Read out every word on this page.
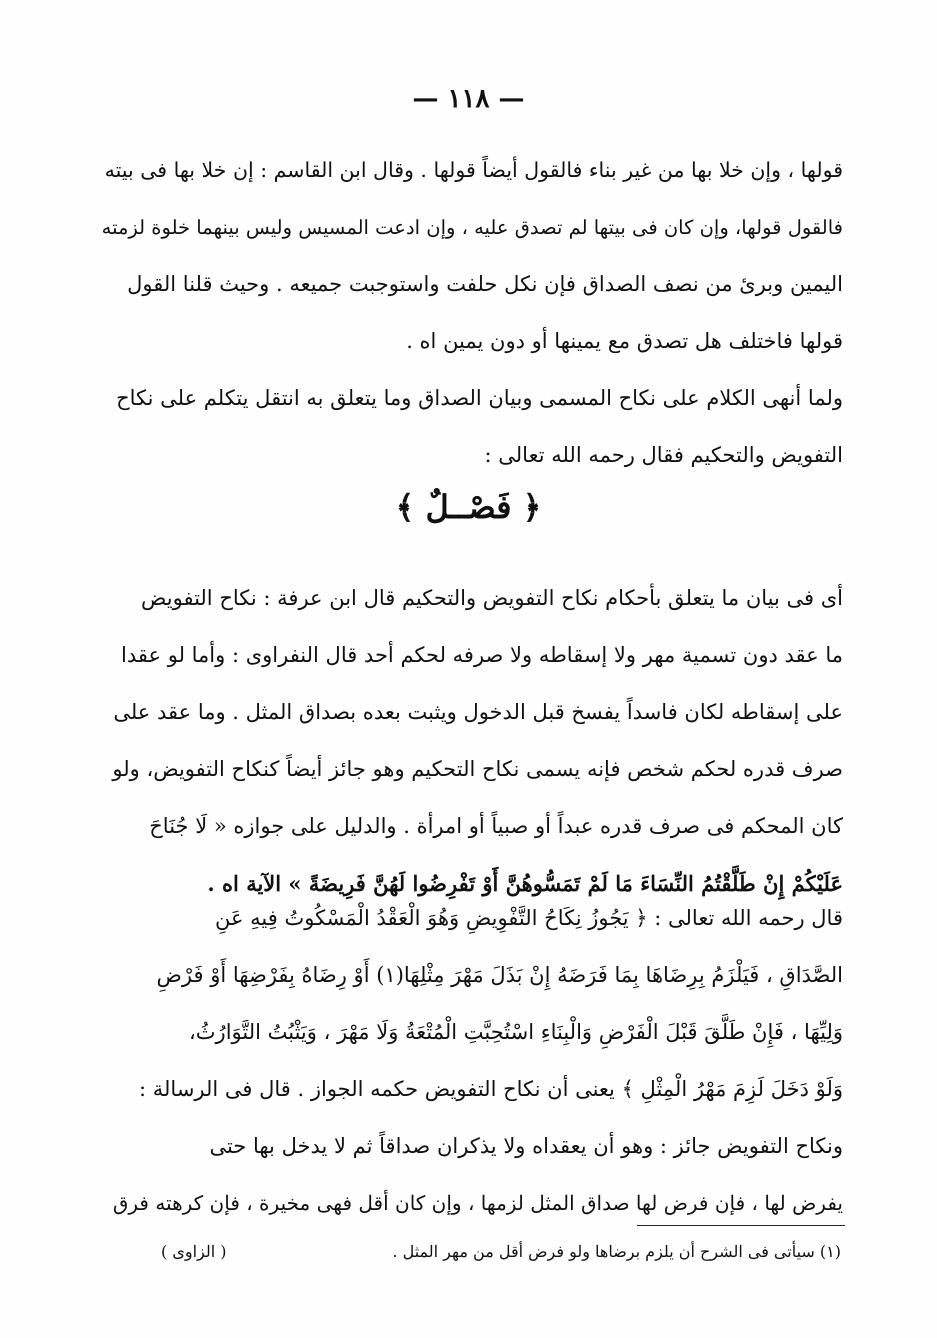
— ١١٨ —
قولها ، وإن خلا بها من غير بناء فالقول أيضاً قولها . وقال ابن القاسم : إن خلا بها فى بيته
فالقول قولها، وإن كان فى بيتها لم تصدق عليه ، وإن ادعت المسيس وليس بينهما خلوة لزمته
اليمين وبرئ من نصف الصداق فإن نكل حلفت واستوجبت جميعه . وحيث قلنا القول
قولها فاختلف هل تصدق مع يمينها أو دون يمين اه .
ولما أنهى الكلام على نكاح المسمى وبيان الصداق وما يتعلق به انتقل يتكلم على نكاح
التفويض والتحكيم فقال رحمه الله تعالى :
﴿ فَصْــلٌ ﴾
أى فى بيان ما يتعلق بأحكام نكاح التفويض والتحكيم قال ابن عرفة : نكاح التفويض
ما عقد دون تسمية مهر ولا إسقاطه ولا صرفه لحكم أحد قال النفراوى : وأما لو عقدا
على إسقاطه لكان فاسداً يفسخ قبل الدخول ويثبت بعده بصداق المثل . وما عقد على
صرف قدره لحكم شخص فإنه يسمى نكاح التحكيم وهو جائز أيضاً كنكاح التفويض، ولو
كان المحكم فى صرف قدره عبداً أو صبياً أو امرأة . والدليل على جوازه « لَا جُنَاحَ
عَلَيْكُمْ إِنْ طَلَّقْتُمُ النِّسَاءَ مَا لَمْ تَمَسُّوهُنَّ أَوْ تَفْرِضُوا لَهُنَّ فَرِيضَةً » الآية اه .
قال رحمه الله تعالى : ﴿ يَجُوزُ نِكَاحُ التَّفْوِيضِ وَهُوَ الْعَقْدُ الْمَسْكُوتُ فِيهِ عَنِ
الصَّدَاقِ ، فَيَلْزَمُ بِرِضَاهَا بِمَا فَرَضَهُ إِنْ بَذَلَ مَهْرَ مِثْلِهَا(١) أَوْ رِضَاهُ بِفَرْضِهَا أَوْ فَرْضِ
وَلِيِّهَا ، فَإِنْ طَلَّقَ قَبْلَ الْفَرْضِ وَالْبِنَاءِ اسْتُحِبَّتِ الْمُتْعَةُ وَلَا مَهْرَ ، وَيَثْبُتُ التَّوَارُثُ،
وَلَوْ دَخَلَ لَزِمَ مَهْرُ الْمِثْلِ ﴾ يعنى أن نكاح التفويض حكمه الجواز . قال فى الرسالة :
ونكاح التفويض جائز : وهو أن يعقداه ولا يذكران صداقاً ثم لا يدخل بها حتى
يفرض لها ، فإن فرض لها صداق المثل لزمها ، وإن كان أقل فهى مخيرة ، فإن كرهته فرق
(١) سيأتى فى الشرح أن يلزم برضاها ولو فرض أقل من مهر المثل .
( الزاوى )
